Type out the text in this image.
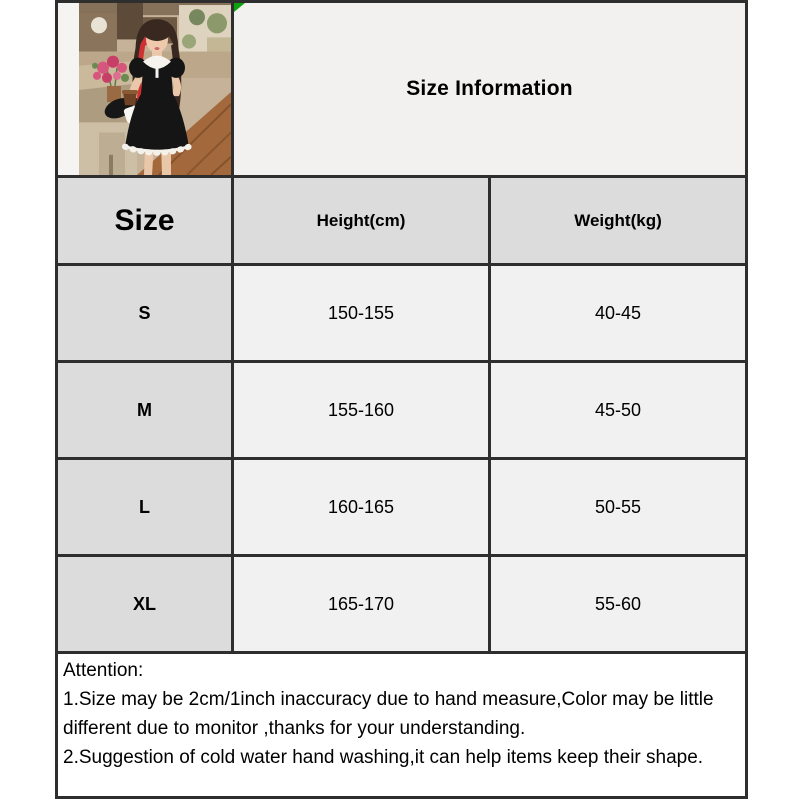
Size Information	
Size	Height(cm)	Weight(kg)
S	150-155	40-45
M	155-160	45-50
L	160-165	50-55
XL	165-170	55-60
Attention:
1.Size may be 2cm/1inch inaccuracy due to hand measure,Color may be little different due to monitor ,thanks for your understanding.
2.Suggestion of cold water hand washing,it can help items keep their shape.
